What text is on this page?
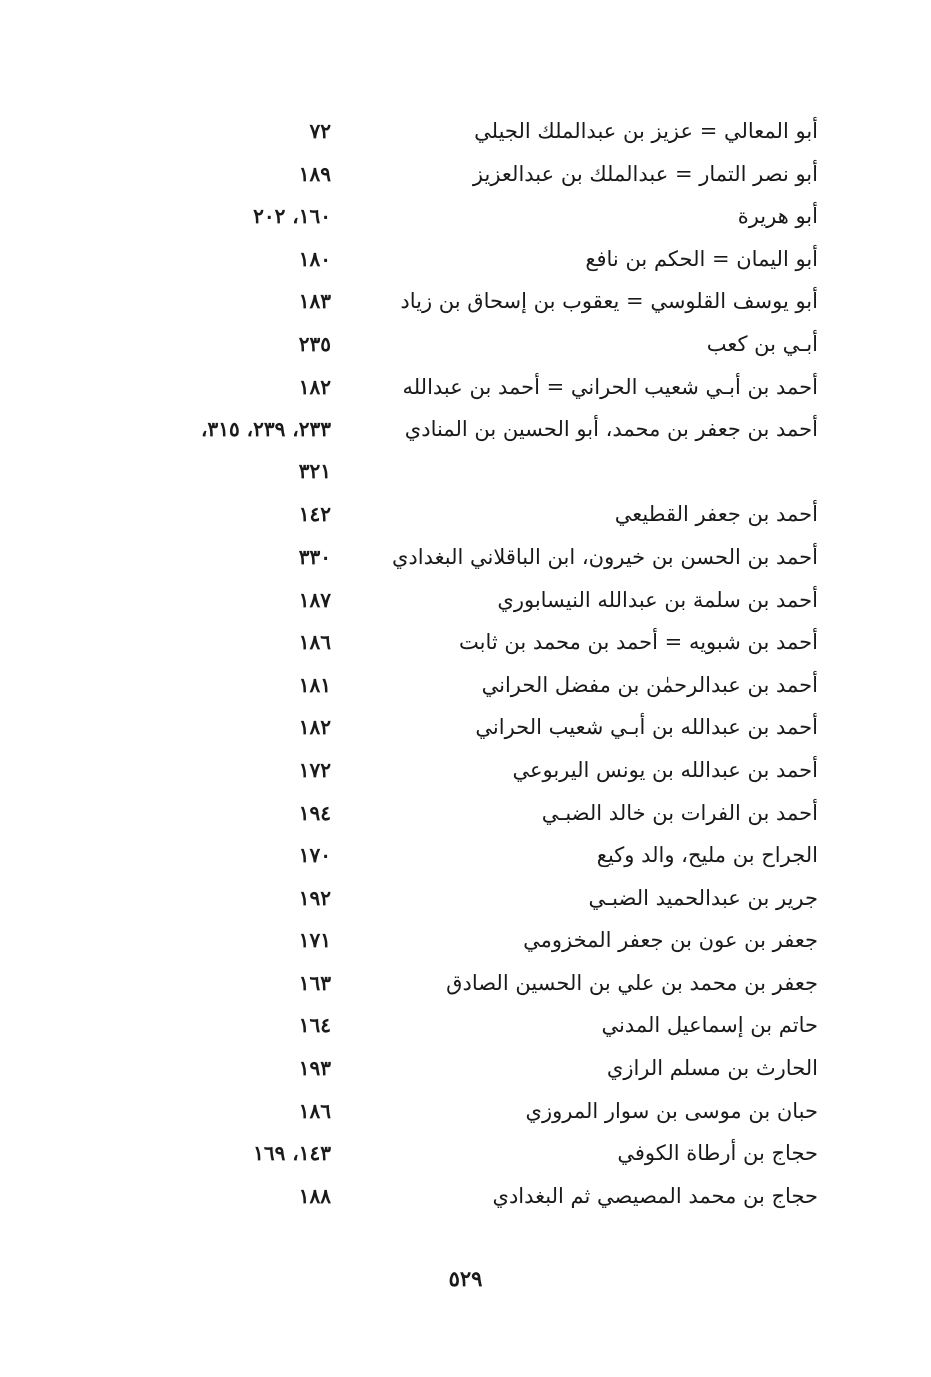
أبو المعالي = عزيز بن عبدالملك الجيلي
٧٢
أبو نصر التمار = عبدالملك بن عبدالعزيز
١٨٩
أبو هريرة
١٦٠، ٢٠٢
أبو اليمان = الحكم بن نافع
١٨٠
أبو يوسف القلوسي = يعقوب بن إسحاق بن زياد
١٨٣
أبـي بن كعب
٢٣٥
أحمد بن أبـي شعيب الحراني = أحمد بن عبدالله
١٨٢
أحمد بن جعفر بن محمد، أبو الحسين بن المنادي
٢٣٣، ٢٣٩، ٣١٥،
٣٢١
أحمد بن جعفر القطيعي
١٤٢
أحمد بن الحسن بن خيرون، ابن الباقلاني البغدادي
٣٣٠
أحمد بن سلمة بن عبدالله النيسابوري
١٨٧
أحمد بن شبويه = أحمد بن محمد بن ثابت
١٨٦
أحمد بن عبدالرحمٰن بن مفضل الحراني
١٨١
أحمد بن عبدالله بن أبـي شعيب الحراني
١٨٢
أحمد بن عبدالله بن يونس اليربوعي
١٧٢
أحمد بن الفرات بن خالد الضبـي
١٩٤
الجراح بن مليح، والد وكيع
١٧٠
جرير بن عبدالحميد الضبـي
١٩٢
جعفر بن عون بن جعفر المخزومي
١٧١
جعفر بن محمد بن علي بن الحسين الصادق
١٦٣
حاتم بن إسماعيل المدني
١٦٤
الحارث بن مسلم الرازي
١٩٣
حبان بن موسى بن سوار المروزي
١٨٦
حجاج بن أرطاة الكوفي
١٤٣، ١٦٩
حجاج بن محمد المصيصي ثم البغدادي
١٨٨
٥٢٩
